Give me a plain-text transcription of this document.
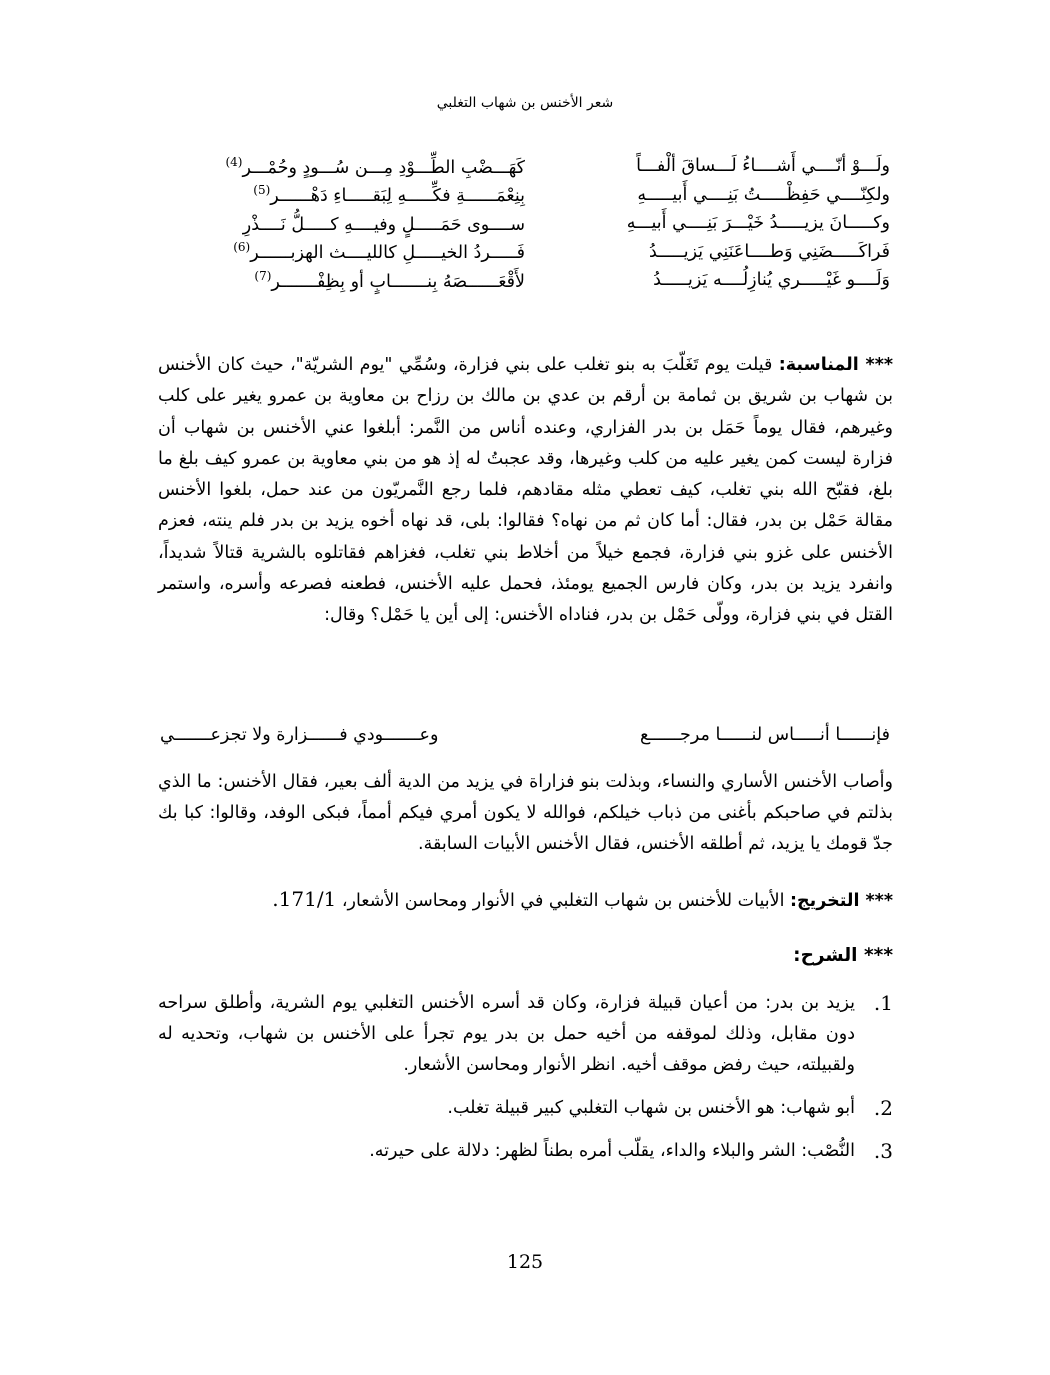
شعر الأخنس بن شهاب التغلبي
ولَـــوْ أنّــــي أَشــــاءُ لَـــساقَ ألْفـــاً
كَهَـــضْبِ الطِّـــوْدِ مِـــن سُـــودٍ وحُمْـــر$^{(4)}$
ولكِنّــــي حَفِظْـــــتُ بَنِــــي أَبيـــــهِ
بِنِعْمَــــــةِ فكِّـــــهِ لِبَقـــــاءِ دَهْــــــر$^{(5)}$
وكـــــانَ يزيـــــدُ خَيْـــرَ بَنِــــي أَبيـــهِ
ســــوى حَمَـــــلٍ وفيــــهِ كـــــلُّ نَــــذْرِ
فَراكَـــــضَنِي وَطــــاعَنَنِي يَزيـــــدُ
فَـــــردُ الخيـــــلِ كالليــــث الهزبــــــر$^{(6)}$
وَلَــــو غَيْـــــري يُنازِلُــــه يَزيـــــدُ
لأَقْعَــــــصَهُ بِنـــــــابٍ أو بِظِفْـــــــر$^{(7)}$
*** المناسبة: قيلت يوم تَغَلّبَ به بنو تغلب على بني فزارة، وسُمِّي "يوم الشريّة"، حيث كان الأخنس بن شهاب بن شريق بن ثمامة بن أرقم بن عدي بن مالك بن رزاح بن معاوية بن عمرو يغير على كلب وغيرهم، فقال يوماً حَمَل بن بدر الفزاري، وعنده أناس من النَّمر: أبلغوا عني الأخنس بن شهاب أن فزارة ليست كمن يغير عليه من كلب وغيرها، وقد عجبتُ له إذ هو من بني معاوية بن عمرو كيف بلغ ما بلغ، فقبّح الله بني تغلب، كيف تعطي مثله مقادهم، فلما رجع النَّمريّون من عند حمل، بلغوا الأخنس مقالة حَمْل بن بدر، فقال: أما كان ثم من نهاه؟ فقالوا: بلى، قد نهاه أخوه يزيد بن بدر فلم ينته، فعزم الأخنس على غزو بني فزارة، فجمع خيلاً من أخلاط بني تغلب، فغزاهم فقاتلوه بالشرية قتالاً شديداً، وانفرد يزيد بن بدر، وكان فارس الجميع يومئذ، فحمل عليه الأخنس، فطعنه فصرعه وأسره، واستمر القتل في بني فزارة، وولّى حَمْل بن بدر، فناداه الأخنس: إلى أين يا حَمْل؟ وقال:
فإنــــــا أنـــــاس لنــــــا مرجــــــع
وعـــــــودي فــــــزارة ولا تجزعـــــــي
وأصاب الأخنس الأساري والنساء، وبذلت بنو فزاراة في يزيد من الدية ألف بعير، فقال الأخنس: ما الذي بذلتم في صاحبكم بأغنى من ذباب خيلكم، فوالله لا يكون أمري فيكم أمماً، فبكى الوفد، وقالوا: كبا بك جدّ قومك يا يزيد، ثم أطلقه الأخنس، فقال الأخنس الأبيات السابقة.
*** التخريج: الأبيات للأخنس بن شهاب التغلبي في الأنوار ومحاسن الأشعار، 171/1.
*** الشرح:
1.
يزيد بن بدر: من أعيان قبيلة فزارة، وكان قد أسره الأخنس التغلبي يوم الشرية، وأطلق سراحه دون مقابل، وذلك لموقفه من أخيه حمل بن بدر يوم تجرأ على الأخنس بن شهاب، وتحديه له ولقبيلته، حيث رفض موقف أخيه. انظر الأنوار ومحاسن الأشعار.
2.
أبو شهاب: هو الأخنس بن شهاب التغلبي كبير قبيلة تغلب.
3.
النُّصْب: الشر والبلاء والداء، يقلّب أمره بطناً لظهر: دلالة على حيرته.
125
